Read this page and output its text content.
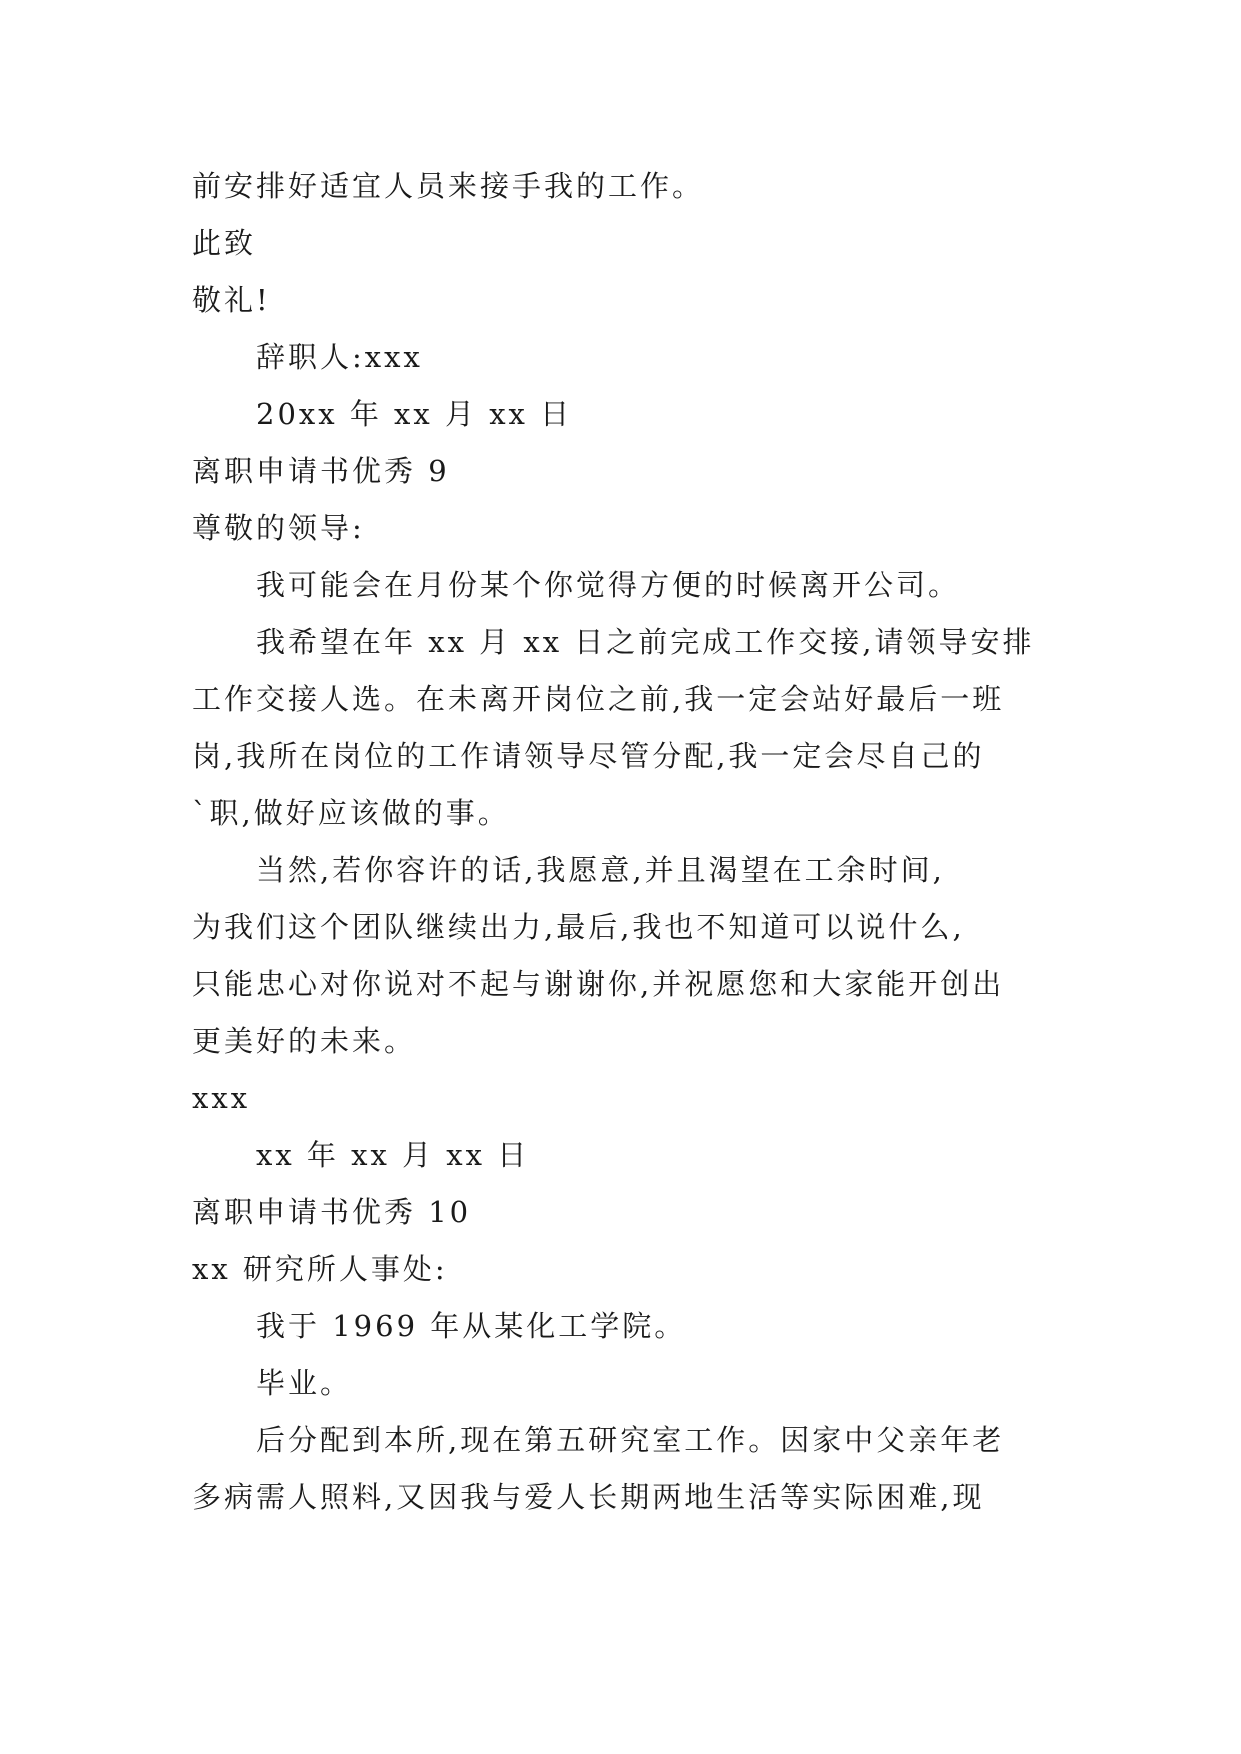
前安排好适宜人员来接手我的工作。
此致
敬礼!
辞职人:xxx
20xx 年 xx 月 xx 日
离职申请书优秀 9
尊敬的领导:
我可能会在月份某个你觉得方便的时候离开公司。
我希望在年 xx 月 xx 日之前完成工作交接,请领导安排
工作交接人选。在未离开岗位之前,我一定会站好最后一班
岗,我所在岗位的工作请领导尽管分配,我一定会尽自己的
`职,做好应该做的事。
当然,若你容许的话,我愿意,并且渴望在工余时间,
为我们这个团队继续出力,最后,我也不知道可以说什么,
只能忠心对你说对不起与谢谢你,并祝愿您和大家能开创出
更美好的未来。
xxx
xx 年 xx 月 xx 日
离职申请书优秀 10
xx 研究所人事处:
我于 1969 年从某化工学院。
毕业。
后分配到本所,现在第五研究室工作。因家中父亲年老
多病需人照料,又因我与爱人长期两地生活等实际困难,现
